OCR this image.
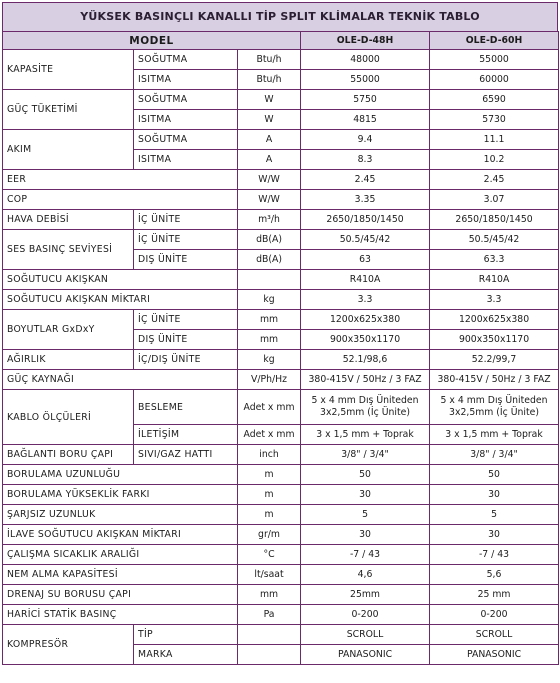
YÜKSEK BASINÇLI KANALLI TİP SPLIT KLİMALAR TEKNİK TABLO
MODEL			OLE-D-48H	OLE-D-60H
KAPASİTE	SOĞUTMA	Btu/h	48000	55000
	ISITMA	Btu/h	55000	60000
GÜÇ TÜKETİMİ	SOĞUTMA	W	5750	6590
	ISITMA	W	4815	5730
AKIM	SOĞUTMA	A	9.4	11.1
	ISITMA	A	8.3	10.2
EER		W/W	2.45	2.45
COP		W/W	3.35	3.07
HAVA DEBİSİ	İÇ ÜNİTE	m³/h	2650/1850/1450	2650/1850/1450
SES BASINÇ SEVİYESİ	İÇ ÜNİTE	dB(A)	50.5/45/42	50.5/45/42
	DIŞ ÜNİTE	dB(A)	63	63.3
SOĞUTUCU AKIŞKAN			R410A	R410A
SOĞUTUCU AKIŞKAN MİKTARI		kg	3.3	3.3
BOYUTLAR GxDxY	İÇ ÜNİTE	mm	1200x625x380	1200x625x380
	DIŞ ÜNİTE	mm	900x350x1170	900x350x1170
AĞIRLIK	İÇ/DIŞ ÜNİTE	kg	52.1/98,6	52.2/99,7
GÜÇ KAYNAĞI		V/Ph/Hz	380-415V / 50Hz / 3 FAZ	380-415V / 50Hz / 3 FAZ
KABLO ÖLÇÜLERİ	BESLEME	Adet x mm	5 x 4 mm Dış Üniteden 3x2,5mm (İç Ünite)	5 x 4 mm Dış Üniteden 3x2,5mm (İç Ünite)
	İLETİŞİM	Adet x mm	3 x 1,5 mm + Toprak	3 x 1,5 mm + Toprak
BAĞLANTI BORU ÇAPI	SIVI/GAZ HATTI	inch	3/8" / 3/4"	3/8" / 3/4"
BORULAMA UZUNLUĞU		m	50	50
BORULAMA YÜKSEKLİK FARKI		m	30	30
ŞARJSIZ UZUNLUK		m	5	5
İLAVE SOĞUTUCU AKIŞKAN MİKTARI		gr/m	30	30
ÇALIŞMA SICAKLIK ARALIĞI		°C	-7 / 43	-7 / 43
NEM ALMA KAPASİTESİ		lt/saat	4,6	5,6
DRENAJ SU BORUSU ÇAPI		mm	25mm	25 mm
HARİCİ STATİK BASINÇ		Pa	0-200	0-200
KOMPRESÖR	TİP		SCROLL	SCROLL
	MARKA		PANASONIC	PANASONIC
